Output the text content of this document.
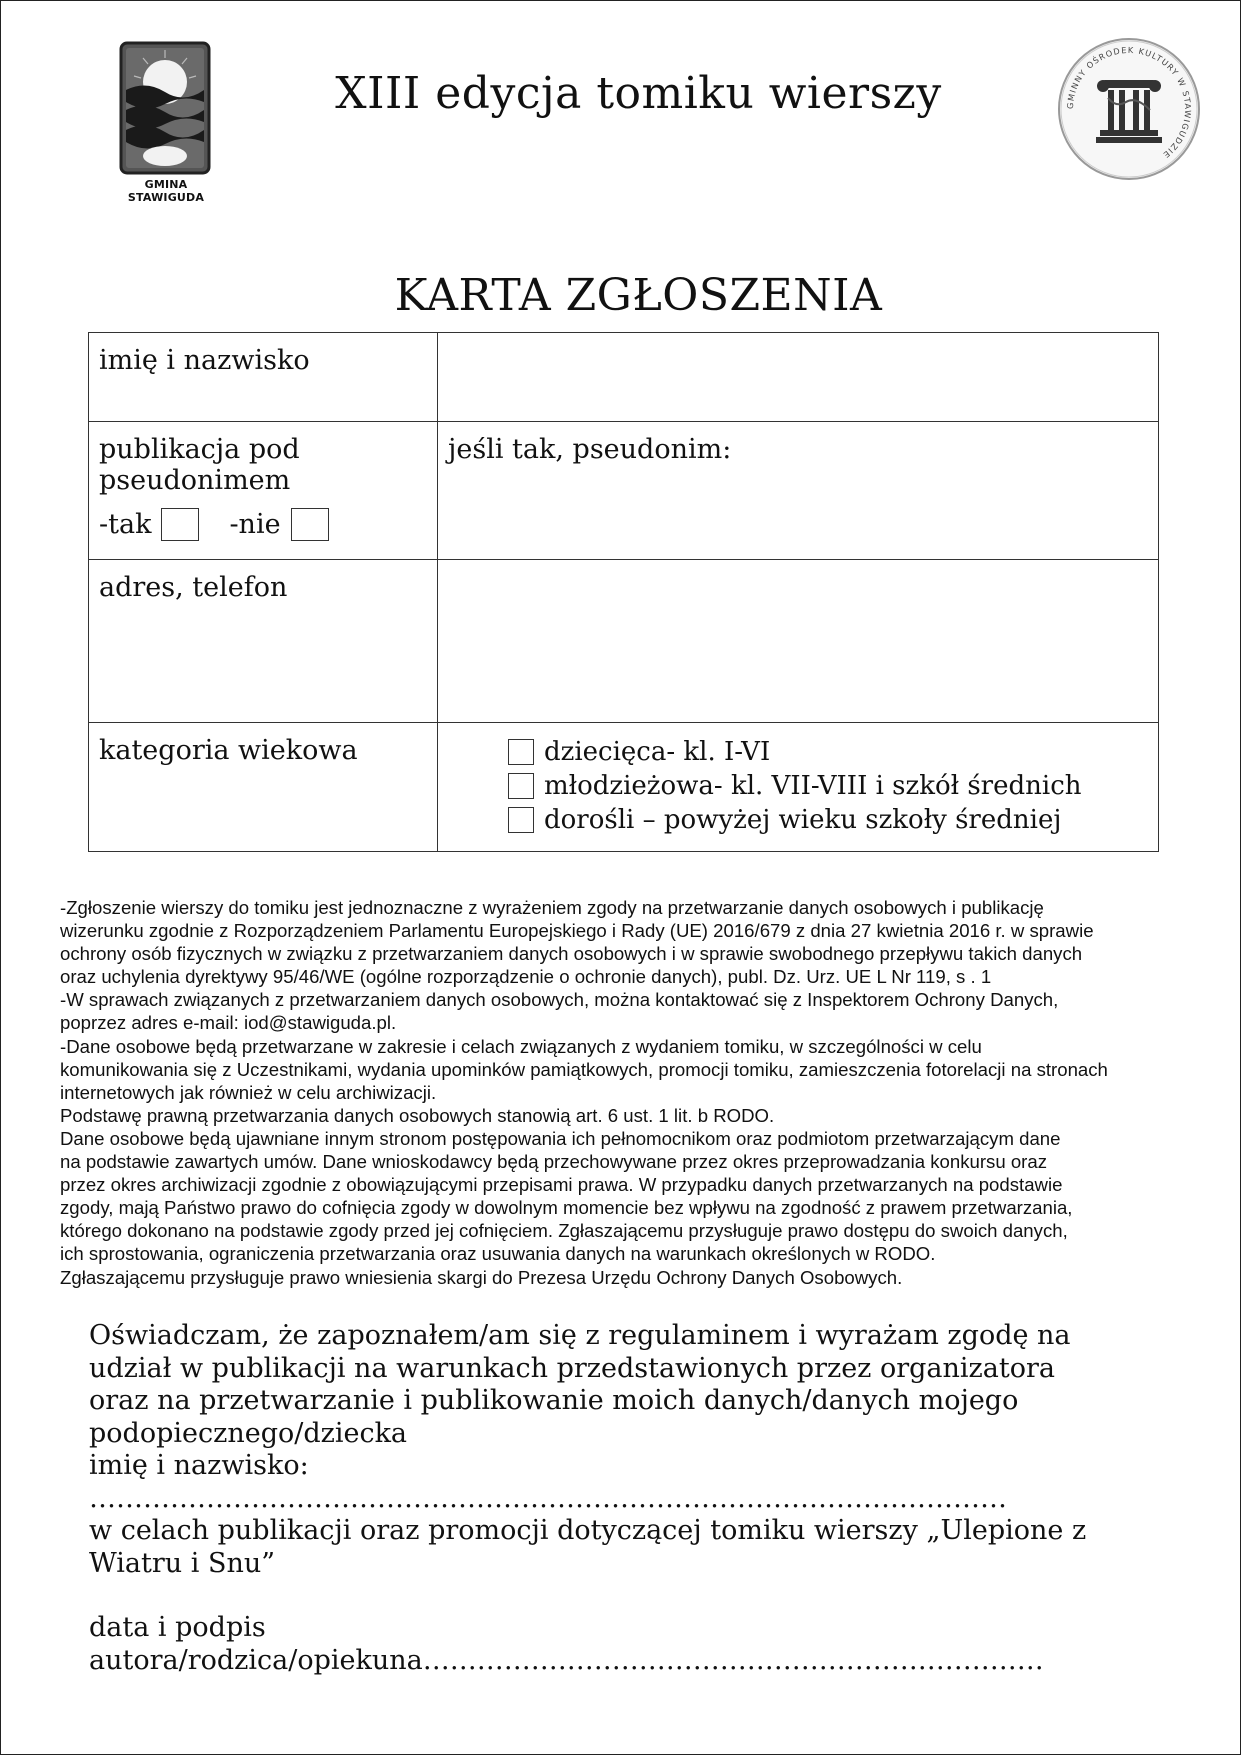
GMINA STAWIGUDA
XIII edycja tomiku wierszy	GMINNY OŚRODEK KULTURY W STAWIGUDZIE
KARTA ZGŁOSZENIA
imię i nazwisko	

publikacja pod
pseudonimem
-tak -nie	jeśli tak, pseudonim:
adres, telefon	
kategoria wiekowa	dziecięca- kl. I-VI
młodzieżowa- kl. VII-VIII i szkół średnich
dorośli – powyżej wieku szkoły średniej
-Zgłoszenie wierszy do tomiku jest jednoznaczne z wyrażeniem zgody na przetwarzanie danych osobowych i publikację
wizerunku zgodnie z Rozporządzeniem Parlamentu Europejskiego i Rady (UE) 2016/679 z dnia 27 kwietnia 2016 r. w sprawie
ochrony osób fizycznych w związku z przetwarzaniem danych osobowych i w sprawie swobodnego przepływu takich danych
oraz uchylenia dyrektywy 95/46/WE (ogólne rozporządzenie o ochronie danych), publ. Dz. Urz. UE L Nr 119, s . 1
-W sprawach związanych z przetwarzaniem danych osobowych, można kontaktować się z Inspektorem Ochrony Danych,
poprzez adres e-mail: iod@stawiguda.pl.
-Dane osobowe będą przetwarzane w zakresie i celach związanych z wydaniem tomiku, w szczególności w celu
komunikowania się z Uczestnikami, wydania upominków pamiątkowych, promocji tomiku, zamieszczenia fotorelacji na stronach
internetowych jak również w celu archiwizacji.
Podstawę prawną przetwarzania danych osobowych stanowią art. 6 ust. 1 lit. b RODO.
Dane osobowe będą ujawniane innym stronom postępowania ich pełnomocnikom oraz podmiotom przetwarzającym dane
na podstawie zawartych umów. Dane wnioskodawcy będą przechowywane przez okres przeprowadzania konkursu oraz
przez okres archiwizacji zgodnie z obowiązującymi przepisami prawa. W przypadku danych przetwarzanych na podstawie
zgody, mają Państwo prawo do cofnięcia zgody w dowolnym momencie bez wpływu na zgodność z prawem przetwarzania,
którego dokonano na podstawie zgody przed jej cofnięciem. Zgłaszającemu przysługuje prawo dostępu do swoich danych,
ich sprostowania, ograniczenia przetwarzania oraz usuwania danych na warunkach określonych w RODO.
Zgłaszającemu przysługuje prawo wniesienia skargi do Prezesa Urzędu Ochrony Danych Osobowych.
Oświadczam, że zapoznałem/am się z regulaminem i wyrażam zgodę na
udział w publikacji na warunkach przedstawionych przez organizatora
oraz na przetwarzanie i publikowanie moich danych/danych mojego
podopiecznego/dziecka
imię i nazwisko:
…………………………………………………………………………………………
w celach publikacji oraz promocji dotyczącej tomiku wierszy „Ulepione z
Wiatru i Snu”
data i podpis
autora/rodzica/opiekuna……………………………………………………………
